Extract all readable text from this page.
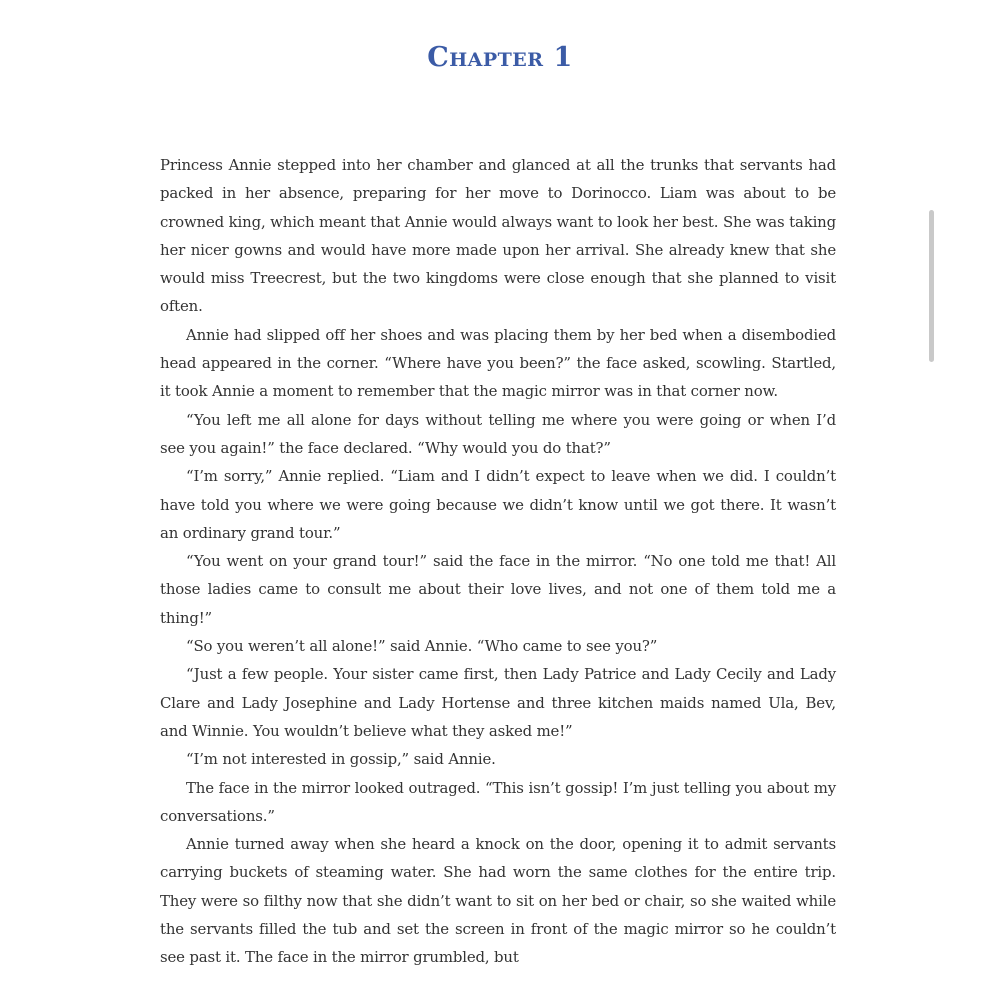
Chapter 1

Princess Annie stepped into her chamber and glanced at all the trunks that servants had packed in her absence, preparing for her move to Dorinocco. Liam was about to be crowned king, which meant that Annie would always want to look her best. She was taking her nicer gowns and would have more made upon her arrival. She already knew that she would miss Treecrest, but the two kingdoms were close enough that she planned to visit often.

Annie had slipped off her shoes and was placing them by her bed when a disembodied head appeared in the corner. “Where have you been?” the face asked, scowling. Startled, it took Annie a moment to remember that the magic mirror was in that corner now.

“You left me all alone for days without telling me where you were going or when I’d see you again!” the face declared. “Why would you do that?”

“I’m sorry,” Annie replied. “Liam and I didn’t expect to leave when we did. I couldn’t have told you where we were going because we didn’t know until we got there. It wasn’t an ordinary grand tour.”

“You went on your grand tour!” said the face in the mirror. “No one told me that! All those ladies came to consult me about their love lives, and not one of them told me a thing!”

“So you weren’t all alone!” said Annie. “Who came to see you?”

“Just a few people. Your sister came first, then Lady Patrice and Lady Cecily and Lady Clare and Lady Josephine and Lady Hortense and three kitchen maids named Ula, Bev, and Winnie. You wouldn’t believe what they asked me!”

“I’m not interested in gossip,” said Annie.

The face in the mirror looked outraged. “This isn’t gossip! I’m just telling you about my conversations.”

Annie turned away when she heard a knock on the door, opening it to admit servants carrying buckets of steaming water. She had worn the same clothes for the entire trip. They were so filthy now that she didn’t want to sit on her bed or chair, so she waited while the servants filled the tub and set the screen in front of the magic mirror so he couldn’t see past it. The face in the mirror grumbled, but
